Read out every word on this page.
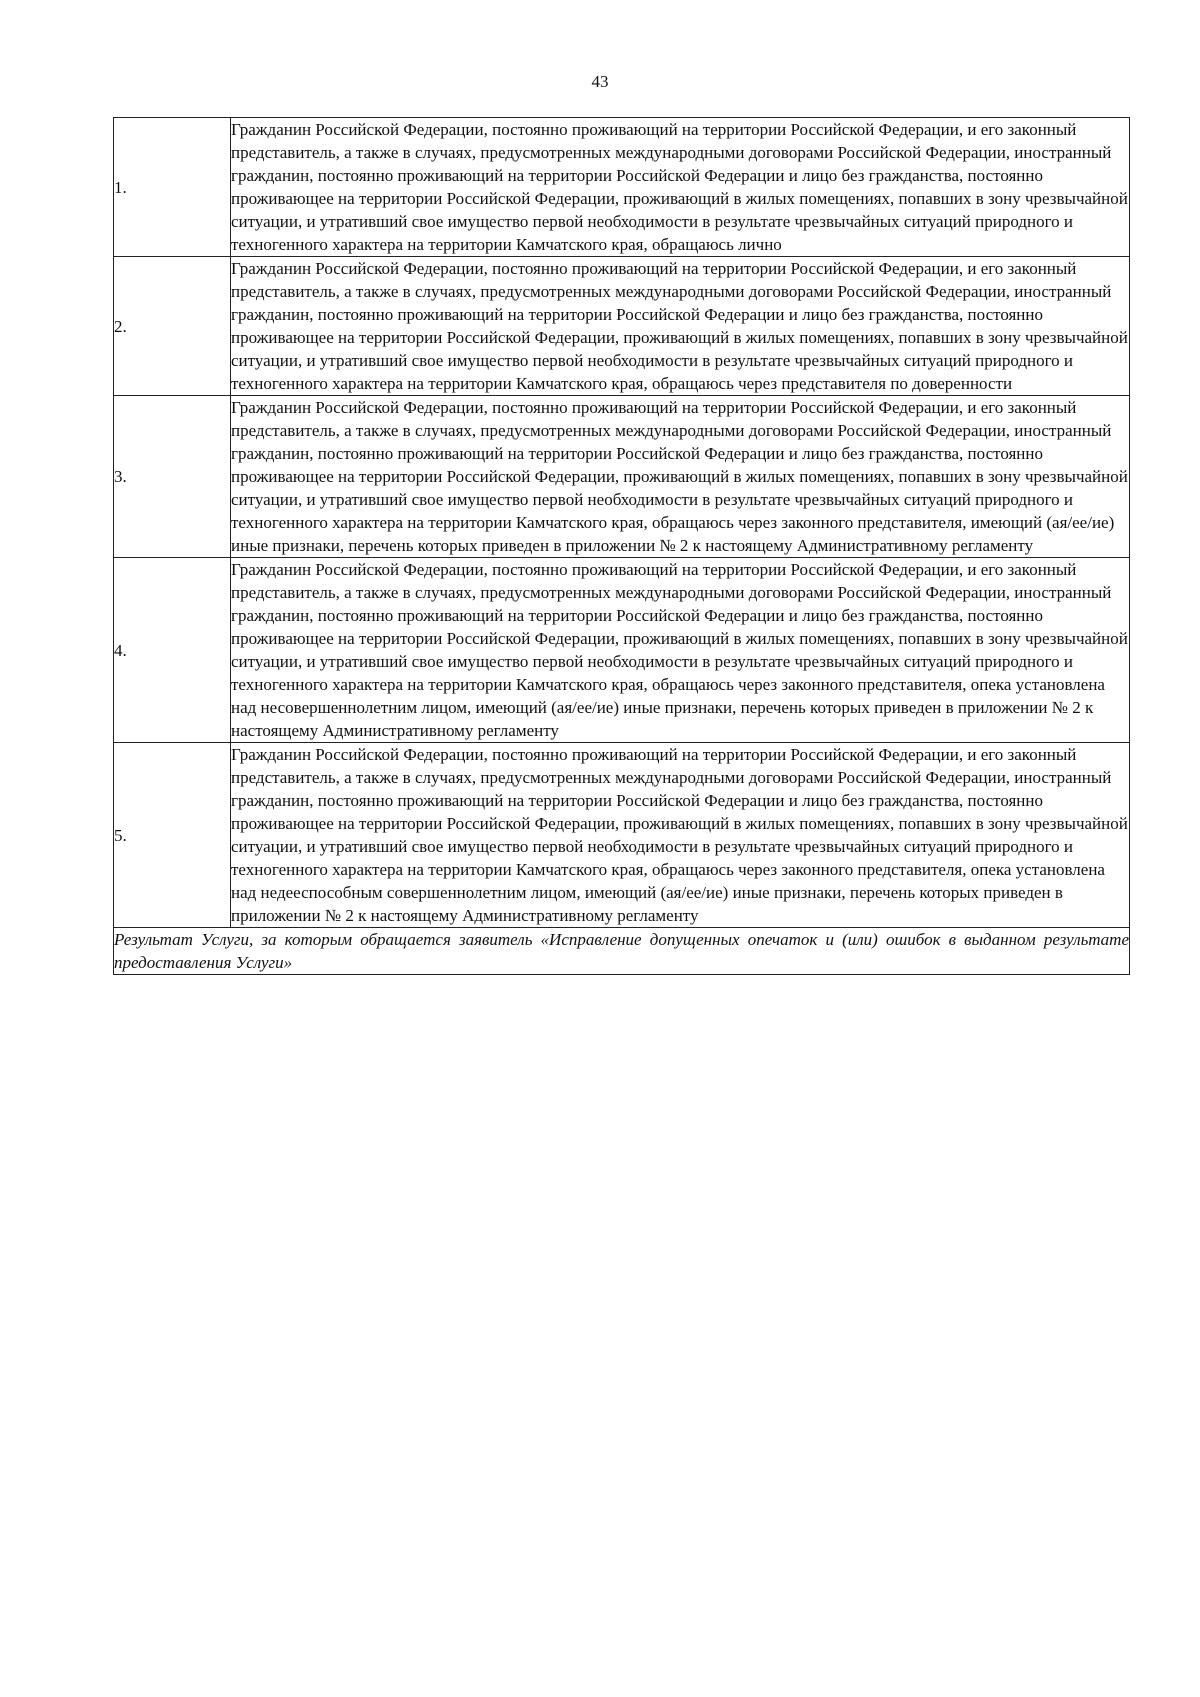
43
1.	Гражданин Российской Федерации, постоянно проживающий на территории Российской Федерации, и его законный представитель, а также в случаях, предусмотренных международными договорами Российской Федерации, иностранный гражданин, постоянно проживающий на территории Российской Федерации и лицо без гражданства, постоянно проживающее на территории Российской Федерации, проживающий в жилых помещениях, попавших в зону чрезвычайной ситуации, и утративший свое имущество первой необходимости в результате чрезвычайных ситуаций природного и техногенного характера на территории Камчатского края, обращаюсь лично
2.	Гражданин Российской Федерации, постоянно проживающий на территории Российской Федерации, и его законный представитель, а также в случаях, предусмотренных международными договорами Российской Федерации, иностранный гражданин, постоянно проживающий на территории Российской Федерации и лицо без гражданства, постоянно проживающее на территории Российской Федерации, проживающий в жилых помещениях, попавших в зону чрезвычайной ситуации, и утративший свое имущество первой необходимости в результате чрезвычайных ситуаций природного и техногенного характера на территории Камчатского края, обращаюсь через представителя по доверенности
3.	Гражданин Российской Федерации, постоянно проживающий на территории Российской Федерации, и его законный представитель, а также в случаях, предусмотренных международными договорами Российской Федерации, иностранный гражданин, постоянно проживающий на территории Российской Федерации и лицо без гражданства, постоянно проживающее на территории Российской Федерации, проживающий в жилых помещениях, попавших в зону чрезвычайной ситуации, и утративший свое имущество первой необходимости в результате чрезвычайных ситуаций природного и техногенного характера на территории Камчатского края, обращаюсь через законного представителя, имеющий (ая/ее/ие) иные признаки, перечень которых приведен в приложении № 2 к настоящему Административному регламенту
4.	Гражданин Российской Федерации, постоянно проживающий на территории Российской Федерации, и его законный представитель, а также в случаях, предусмотренных международными договорами Российской Федерации, иностранный гражданин, постоянно проживающий на территории Российской Федерации и лицо без гражданства, постоянно проживающее на территории Российской Федерации, проживающий в жилых помещениях, попавших в зону чрезвычайной ситуации, и утративший свое имущество первой необходимости в результате чрезвычайных ситуаций природного и техногенного характера на территории Камчатского края, обращаюсь через законного представителя, опека установлена над несовершеннолетним лицом, имеющий (ая/ее/ие) иные признаки, перечень которых приведен в приложении № 2 к настоящему Административному регламенту
5.	Гражданин Российской Федерации, постоянно проживающий на территории Российской Федерации, и его законный представитель, а также в случаях, предусмотренных международными договорами Российской Федерации, иностранный гражданин, постоянно проживающий на территории Российской Федерации и лицо без гражданства, постоянно проживающее на территории Российской Федерации, проживающий в жилых помещениях, попавших в зону чрезвычайной ситуации, и утративший свое имущество первой необходимости в результате чрезвычайных ситуаций природного и техногенного характера на территории Камчатского края, обращаюсь через законного представителя, опека установлена над недееспособным совершеннолетним лицом, имеющий (ая/ее/ие) иные признаки, перечень которых приведен в приложении № 2 к настоящему Административному регламенту
Результат Услуги, за которым обращается заявитель «Исправление допущенных опечаток и (или) ошибок в выданном результате предоставления Услуги»	
